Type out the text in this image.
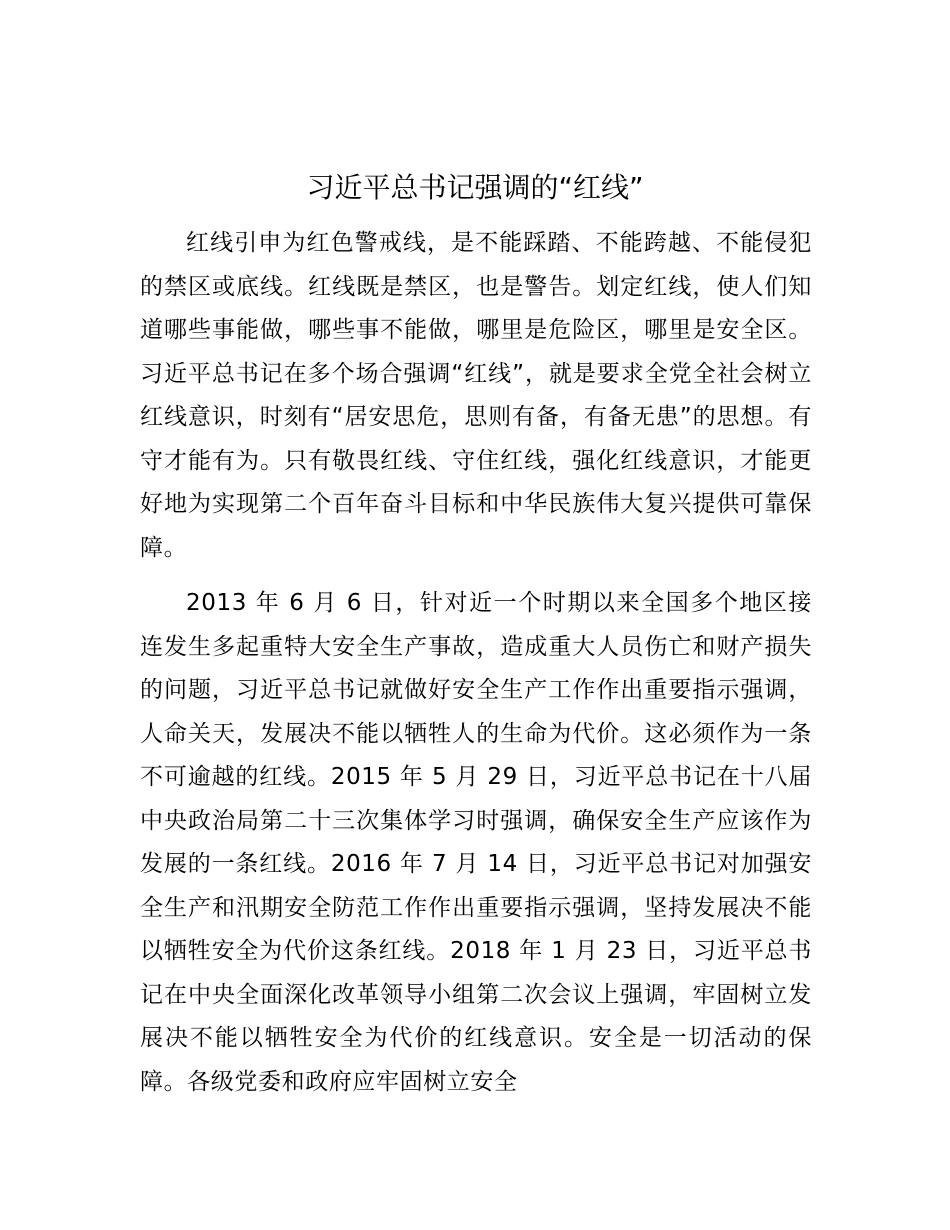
习近平总书记强调的“红线”

红线引申为红色警戒线，是不能踩踏、不能跨越、不能侵犯的禁区或底线。红线既是禁区，也是警告。划定红线，使人们知道哪些事能做，哪些事不能做，哪里是危险区，哪里是安全区。习近平总书记在多个场合强调“红线”，就是要求全党全社会树立红线意识，时刻有“居安思危，思则有备，有备无患”的思想。有守才能有为。只有敬畏红线、守住红线，强化红线意识，才能更好地为实现第二个百年奋斗目标和中华民族伟大复兴提供可靠保障。

2013 年 6 月 6 日，针对近一个时期以来全国多个地区接连发生多起重特大安全生产事故，造成重大人员伤亡和财产损失的问题，习近平总书记就做好安全生产工作作出重要指示强调，人命关天，发展决不能以牺牲人的生命为代价。这必须作为一条不可逾越的红线。2015 年 5 月 29 日，习近平总书记在十八届中央政治局第二十三次集体学习时强调，确保安全生产应该作为发展的一条红线。2016 年 7 月 14 日，习近平总书记对加强安全生产和汛期安全防范工作作出重要指示强调，坚持发展决不能以牺牲安全为代价这条红线。2018 年 1 月 23 日，习近平总书记在中央全面深化改革领导小组第二次会议上强调，牢固树立发展决不能以牺牲安全为代价的红线意识。安全是一切活动的保障。各级党委和政府应牢固树立安全
